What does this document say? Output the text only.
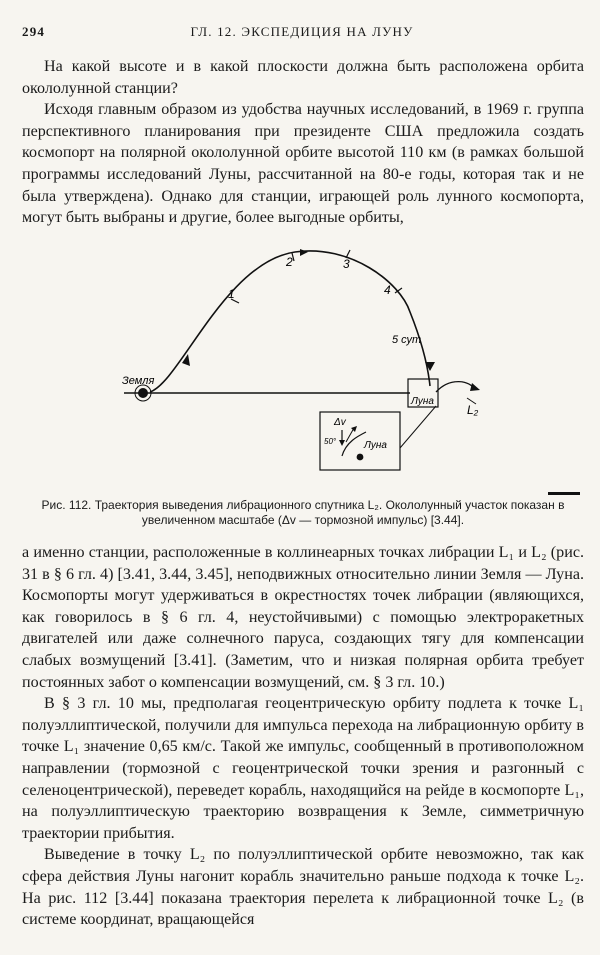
294	ГЛ. 12. ЭКСПЕДИЦИЯ НА ЛУНУ

На какой высоте и в какой плоскости должна быть расположена орбита окололунной станции?

Исходя главным образом из удобства научных исследований, в 1969 г. группа перспективного планирования при президенте США предложила создать космопорт на полярной окололунной орбите высотой 110 км (в рамках большой программы исследований Луны, рассчитанной на 80-е годы, которая так и не была утверждена). Однако для станции, играющей роль лунного космопорта, могут быть выбраны и другие, более выгодные орбиты,

1
2	3
4
5 сут
Земля
Луна
L₂
Δv
50°	Луна
Рис. 112. Траектория выведения либрационного спутника L₂. Окололунный участок показан в увеличенном масштабе (Δv — тормозной импульс) [3.44].

а именно станции, расположенные в коллинеарных точках либрации L₁ и L₂ (рис. 31 в § 6 гл. 4) [3.41, 3.44, 3.45], неподвижных относительно линии Земля — Луна. Космопорты могут удерживаться в окрестностях точек либрации (являющихся, как говорилось в § 6 гл. 4, неустойчивыми) с помощью электроракетных двигателей или даже солнечного паруса, создающих тягу для компенсации слабых возмущений [3.41]. (Заметим, что и низкая полярная орбита требует постоянных забот о компенсации возмущений, см. § 3 гл. 10.)

В § 3 гл. 10 мы, предполагая геоцентрическую орбиту подлета к точке L₁ полуэллиптической, получили для импульса перехода на либрационную орбиту в точке L₁ значение 0,65 км/с. Такой же импульс, сообщенный в противоположном направлении (тормозной с геоцентрической точки зрения и разгонный с селеноцентрической), переведет корабль, находящийся на рейде в космопорте L₁, на полуэллиптическую траекторию возвращения к Земле, симметричную траектории прибытия.

Выведение в точку L₂ по полуэллиптической орбите невозможно, так как сфера действия Луны нагонит корабль значительно раньше подхода к точке L₂. На рис. 112 [3.44] показана траектория перелета к либрационной точке L₂ (в системе координат, вращающейся
